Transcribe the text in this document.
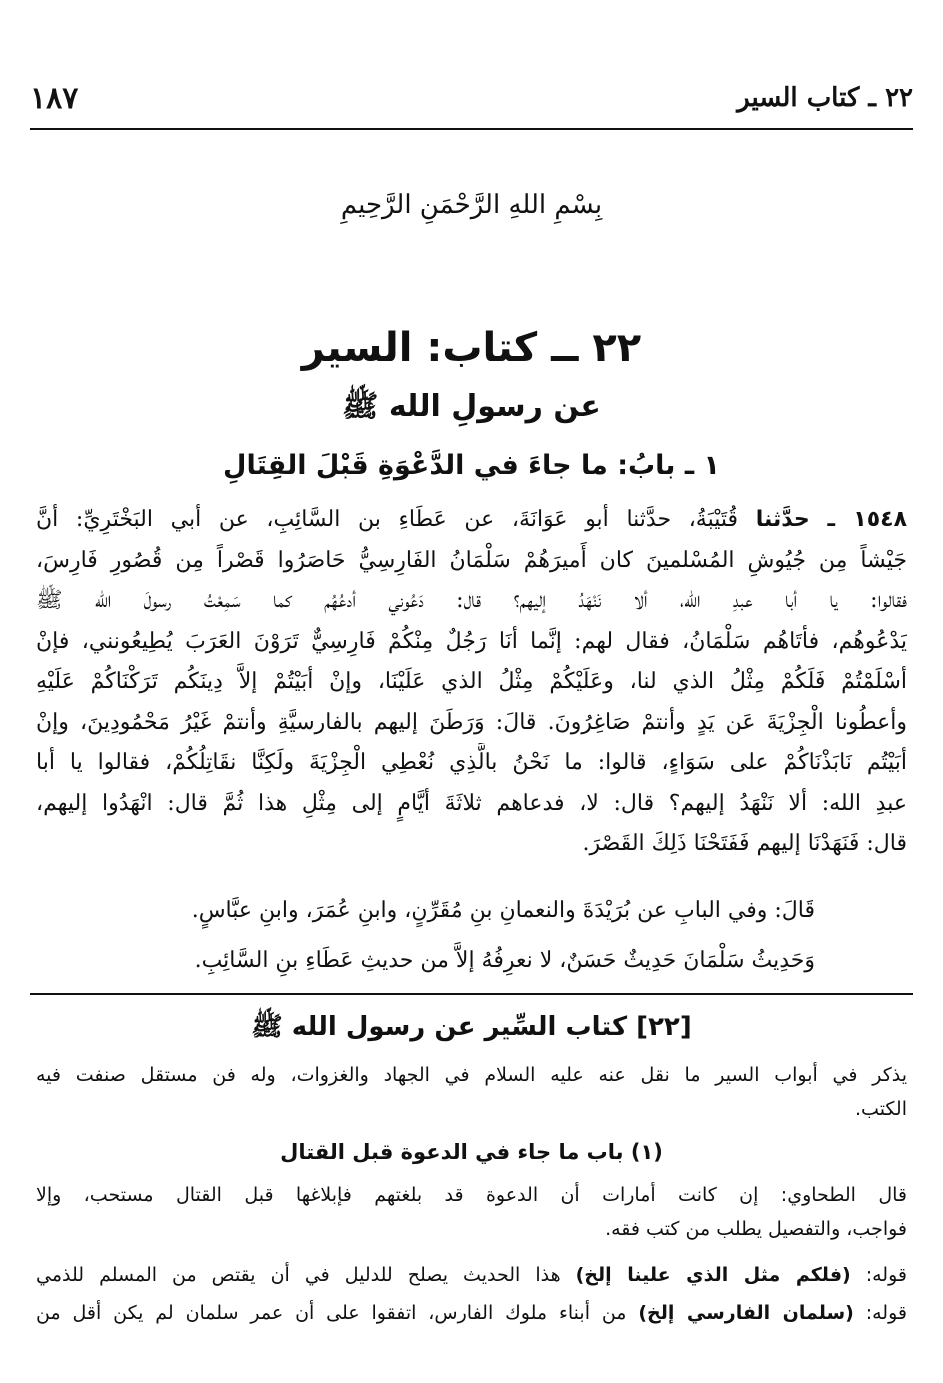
١٨٧	٢٢ ـ كتاب السير
بِسْمِ اللهِ الرَّحْمَنِ الرَّحِيمِ
٢٢ ــ كتاب: السير
عن رسولِ الله ﷺ
١ ـ بابُ: ما جاءَ في الدَّعْوَةِ قَبْلَ القِتَالِ
١٥٤٨ ـ حدَّثنا قُتَيْبَةُ، حدَّثنا أبو عَوَانَةَ، عن عَطَاءِ بن السَّائِبِ، عن أبي البَخْتَرِيِّ: أنَّ
جَيْشاً مِن جُيُوشِ المُسْلمينَ كان أَميرَهُمْ سَلْمَانُ الفَارِسِيُّ حَاصَرُوا قَصْراً مِن قُصُورِ فَارِسَ،
فقالوا: يا أبا عبدِ الله، ألا نَنْهَدُ إليهم؟ قال: دَعُوني أدعُهُم كما سَمِعْتُ رسولَ الله ﷺ
يَدْعُوهُم، فأتَاهُم سَلْمَانُ، فقال لهم: إنَّما أنَا رَجُلٌ مِنْكُمْ فَارِسِيٌّ تَرَوْنَ العَرَبَ يُطِيعُونني، فإنْ
أسْلَمْتُمْ فَلَكُمْ مِثْلُ الذي لنا، وعَلَيْكُمْ مِثْلُ الذي عَلَيْنَا، وإنْ أبَيْتُمْ إلاَّ دِينَكُم تَرَكْنَاكُمْ عَلَيْهِ
وأعطُونا الْجِزْيَةَ عَن يَدٍ وأنتمْ صَاغِرُونَ. قالَ: وَرَطَنَ إليهم بالفارسيَّةِ وأنتمْ غَيْرُ مَحْمُودِينَ، وإنْ
أبَيْتُم نَابَذْنَاكُمْ على سَوَاءٍ، قالوا: ما نَحْنُ بالَّذِي نُعْطِي الْجِزْيَةَ ولَكِنَّا نقَاتِلُكُمْ، فقالوا يا أبا
عبدِ الله: ألا نَنْهَدُ إليهم؟ قال: لا، فدعاهم ثلاثَةَ أيَّامٍ إلى مِثْلِ هذا ثُمَّ قال: انْهَدُوا إليهم،
قال: فَنَهَدْنَا إليهم فَفَتَحْنَا ذَلِكَ القَصْرَ.
قَالَ: وفي البابِ عن بُرَيْدَةَ والنعمانِ بنِ مُقَرِّنٍ، وابنِ عُمَرَ، وابنِ عبَّاسٍ.
وَحَدِيثُ سَلْمَانَ حَدِيثٌ حَسَنٌ، لا نعرِفُهُ إلاَّ من حديثِ عَطَاءِ بنِ السَّائِبِ.
[٢٢] كتاب السِّير عن رسول الله ﷺ
يذكر في أبواب السير ما نقل عنه عليه السلام في الجهاد والغزوات، وله فن مستقل صنفت فيه
الكتب.
(١) باب ما جاء في الدعوة قبل القتال
قال الطحاوي: إن كانت أمارات أن الدعوة قد بلغتهم فإبلاغها قبل القتال مستحب، وإلا
فواجب، والتفصيل يطلب من كتب فقه.
قوله: (فلكم مثل الذي علينا إلخ) هذا الحديث يصلح للدليل في أن يقتص من المسلم للذمي
قوله: (سلمان الفارسي إلخ) من أبناء ملوك الفارس، اتفقوا على أن عمر سلمان لم يكن أقل من
